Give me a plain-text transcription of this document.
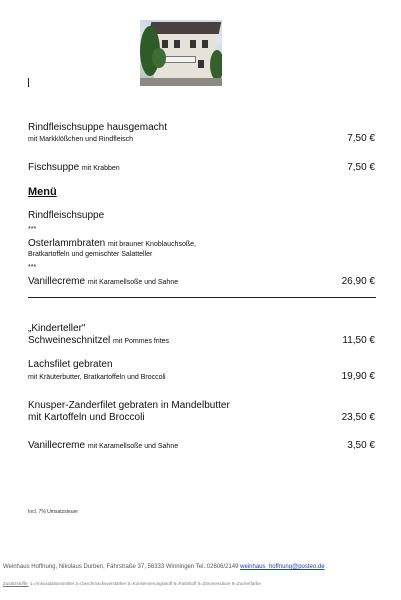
Rindfleischsuppe hausgemacht
mit Markklößchen und Rindfleisch	7,50 €
Fischsuppe mit Krabben	7,50 €
Menü
Rindfleischsuppe
***
Osterlammbraten mit brauner Knoblauchsoße,
Bratkartoffeln und gemischter Salatteller
***
Vanillecreme mit Karamellsoße und Sahne	26,90 €
„Kinderteller"
Schweineschnitzel mit Pommes frites	11,50 €
Lachsfilet gebraten
mit Kräuterbutter, Bratkartoffeln und Broccoli	19,90 €
Knusper-Zanderfilet gebraten in Mandelbutter
mit Kartoffeln und Broccoli	23,50 €
Vanillecreme mit Karamellsoße und Sahne	3,50 €
Incl. 7% Umsatzsteuer
Weinhaus Hoffnung, Nikolaus Durben, Fährstraße 37, 56333 Winningen Tel.:02606/2149 weinhaus_hoffnung@posteo.de
Zusatzstoffe: 1=Antioxidationsmittel 3=Geschmacksverstärker 5=Konservierungsstoff 6=Farbstoff 8=Zitronensäure 9=Zuckerfarbe
